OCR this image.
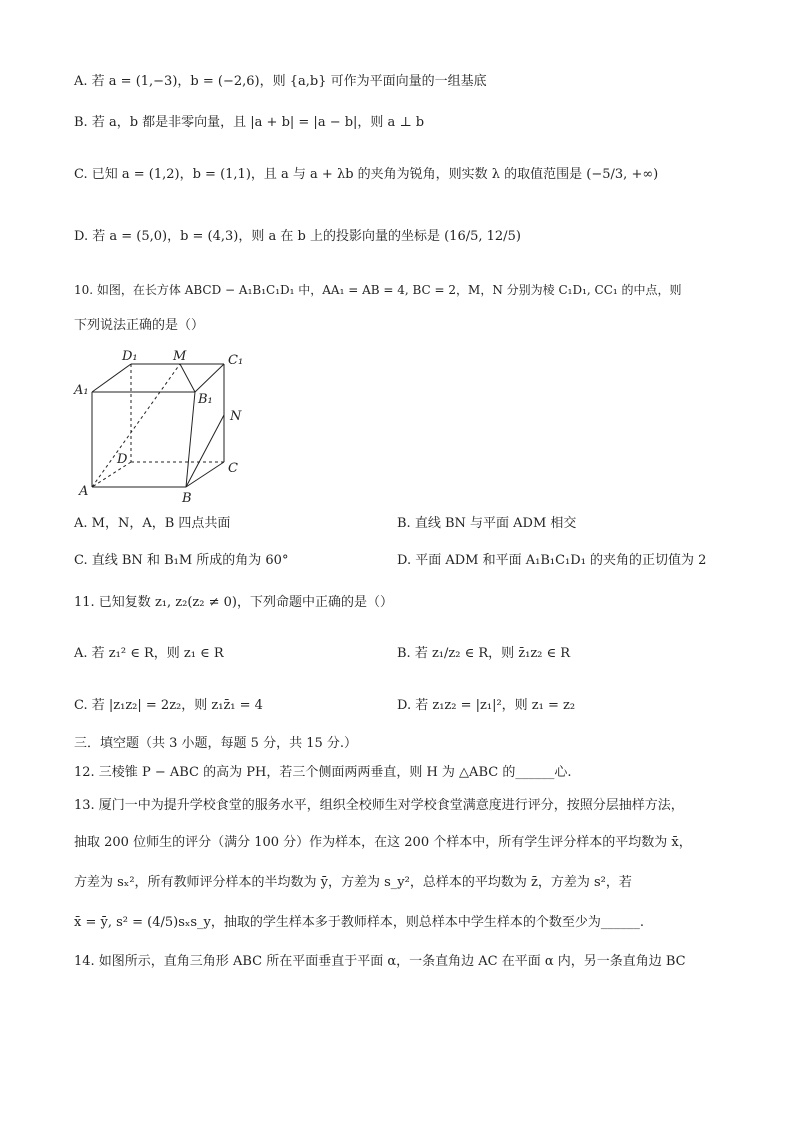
A. 若 a = (1,−3)，b = (−2,6)，则 {a,b} 可作为平面向量的一组基底
B. 若 a，b 都是非零向量，且 |a + b| = |a − b|，则 a ⊥ b
C. 已知 a = (1,2)，b = (1,1)，且 a 与 a + λb 的夹角为锐角，则实数 λ 的取值范围是 (−5/3, +∞)
D. 若 a = (5,0)，b = (4,3)，则 a 在 b 上的投影向量的坐标是 (16/5, 12/5)
10. 如图，在长方体 ABCD − A₁B₁C₁D₁ 中，AA₁ = AB = 4, BC = 2，M，N 分别为棱 C₁D₁, CC₁ 的中点，则
下列说法正确的是（）
D₁	M	C₁
A₁
B₁
N
D
C
A	B
A. M，N，A，B 四点共面	B. 直线 BN 与平面 ADM 相交
C. 直线 BN 和 B₁M 所成的角为 60°	D. 平面 ADM 和平面 A₁B₁C₁D₁ 的夹角的正切值为 2
11. 已知复数 z₁, z₂(z₂ ≠ 0)，下列命题中正确的是（）
A. 若 z₁² ∈ R，则 z₁ ∈ R	B. 若 z₁/z₂ ∈ R，则 z̄₁z₂ ∈ R
C. 若 |z₁z₂| = 2z₂，则 z₁z̄₁ = 4	D. 若 z₁z₂ = |z₁|²，则 z₁ = z₂
三．填空题（共 3 小题，每题 5 分，共 15 分.）
12. 三棱锥 P − ABC 的高为 PH，若三个侧面两两垂直，则 H 为 △ABC 的______心.
13. 厦门一中为提升学校食堂的服务水平，组织全校师生对学校食堂满意度进行评分，按照分层抽样方法，
抽取 200 位师生的评分（满分 100 分）作为样本，在这 200 个样本中，所有学生评分样本的平均数为 x̄，
方差为 sₓ²，所有教师评分样本的半均数为 ȳ，方差为 s_y²，总样本的平均数为 z̄，方差为 s²，若
x̄ = ȳ, s² = (4/5)sₓs_y，抽取的学生样本多于教师样本，则总样本中学生样本的个数至少为______.
14. 如图所示，直角三角形 ABC 所在平面垂直于平面 α，一条直角边 AC 在平面 α 内，另一条直角边 BC
